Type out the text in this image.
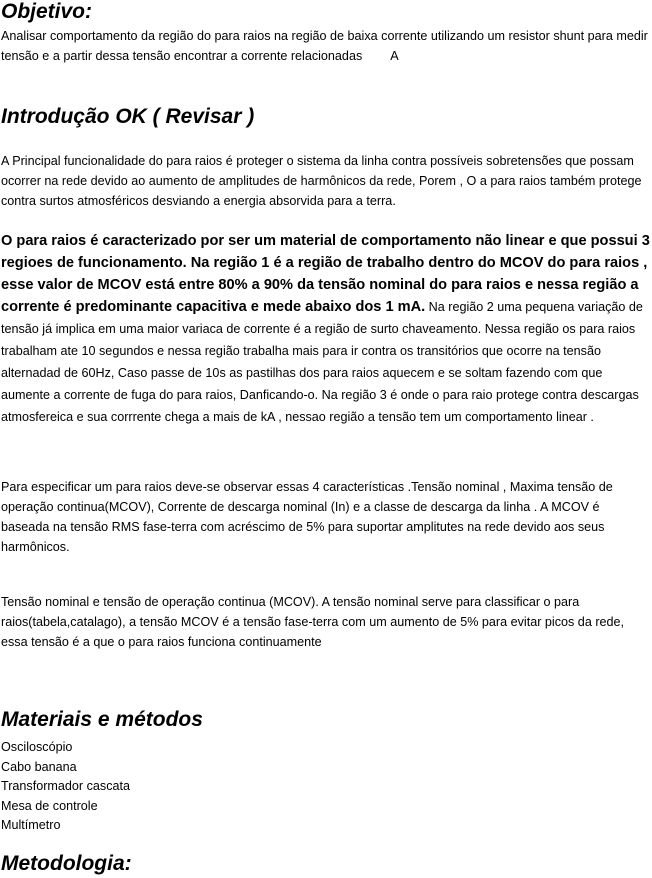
Objetivo:

Analisar comportamento da região do para raios na região de baixa corrente utilizando um resistor shunt para medir tensão e a partir dessa tensão encontrar a corrente relacionadas A

Introdução OK ( Revisar )

A Principal funcionalidade do para raios é proteger o sistema da linha contra possíveis sobretensões que possam ocorrer na rede devido ao aumento de amplitudes de harmônicos da rede, Porem , O a para raios também protege contra surtos atmosféricos desviando a energia absorvida para a terra.

O para raios é caracterizado por ser um material de comportamento não linear e que possui 3 regioes de funcionamento. Na região 1 é a região de trabalho dentro do MCOV do para raios , esse valor de MCOV está entre 80% a 90% da tensão nominal do para raios e nessa região a corrente é predominante capacitiva e mede abaixo dos 1 mA. Na região 2 uma pequena variação de tensão já implica em uma maior variaca de corrente é a região de surto chaveamento. Nessa região os para raios trabalham ate 10 segundos e nessa região trabalha mais para ir contra os transitórios que ocorre na tensão alternadad de 60Hz, Caso passe de 10s as pastilhas dos para raios aquecem e se soltam fazendo com que aumente a corrente de fuga do para raios, Danficando-o. Na região 3 é onde o para raio protege contra descargas atmosfereica e sua corrrente chega a mais de kA , nessao região a tensão tem um comportamento linear .

Para especificar um para raios deve-se observar essas 4 características .Tensão nominal , Maxima tensão de operação continua(MCOV), Corrente de descarga nominal (In) e a classe de descarga da linha . A MCOV é baseada na tensão RMS fase-terra com acréscimo de 5% para suportar amplitutes na rede devido aos seus harmônicos.

Tensão nominal e tensão de operação continua (MCOV). A tensão nominal serve para classificar o para raios(tabela,catalago), a tensão MCOV é a tensão fase-terra com um aumento de 5% para evitar picos da rede, essa tensão é a que o para raios funciona continuamente

Materiais e métodos
Osciloscópio
Cabo banana
Transformador cascata
Mesa de controle
Multímetro
Metodologia:
